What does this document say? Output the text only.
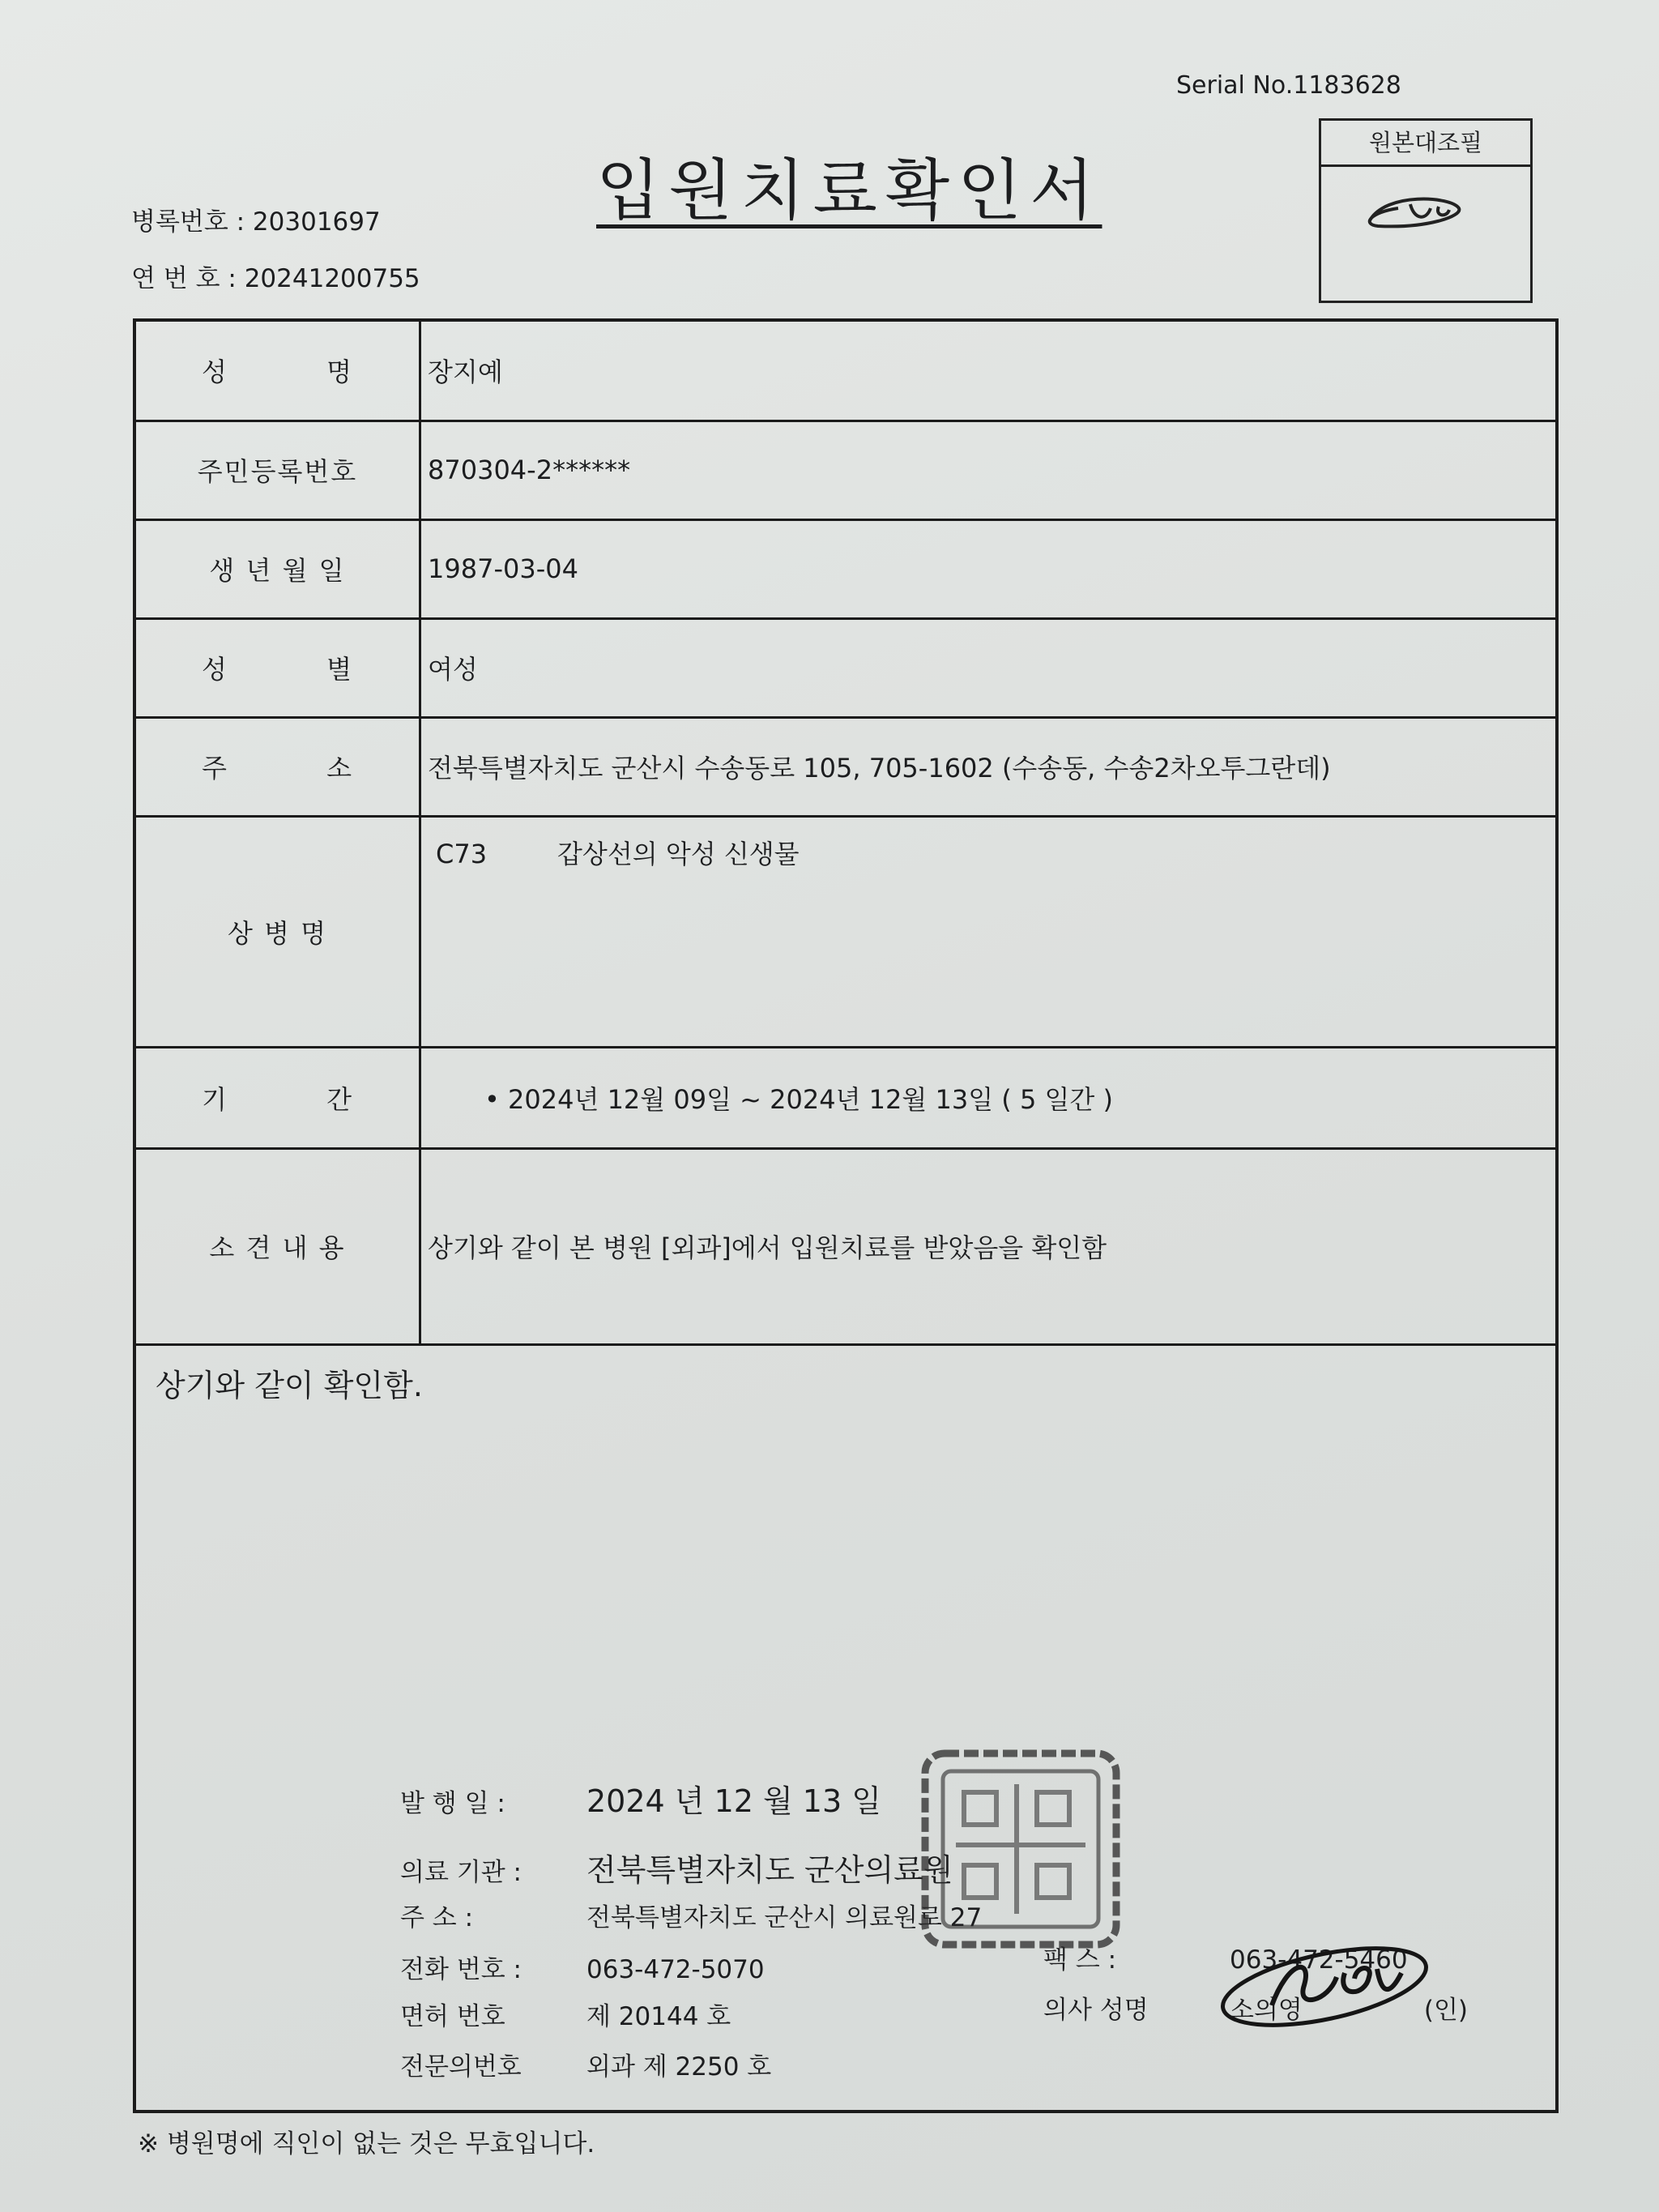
Serial No.1183628
입원치료확인서
병록번호 : 20301697
연 번 호 : 20241200755
원본대조필
성 명	장지예
주민등록번호	870304-2******
생 년 월 일	1987-03-04

성 별	여성

주 소	전북특별자치도 군산시 수송동로 105, 705-1602 (수송동, 수송2차오투그란데)
상 병 명	C73 갑상선의 악성 신생물

기 간	• 2024년 12월 09일 ~ 2024년 12월 13일 ( 5 일간 )
소 견 내 용	상기와 같이 본 병원 [외과]에서 입원치료를 받았음을 확인함
상기와 같이 확인함.
발 행 일 :	2024 년 12 월 13 일
의료 기관 : 전북특별자치도 군산의료원
주 소 :	전북특별자치도 군산시 의료원로 27
전화 번호 :	063-472-5070	팩 스 :	063-472-5460
면허 번호	제 20144 호	의사 성명	소의영	(인)
전문의번호	외과 제 2250 호
※ 병원명에 직인이 없는 것은 무효입니다.
